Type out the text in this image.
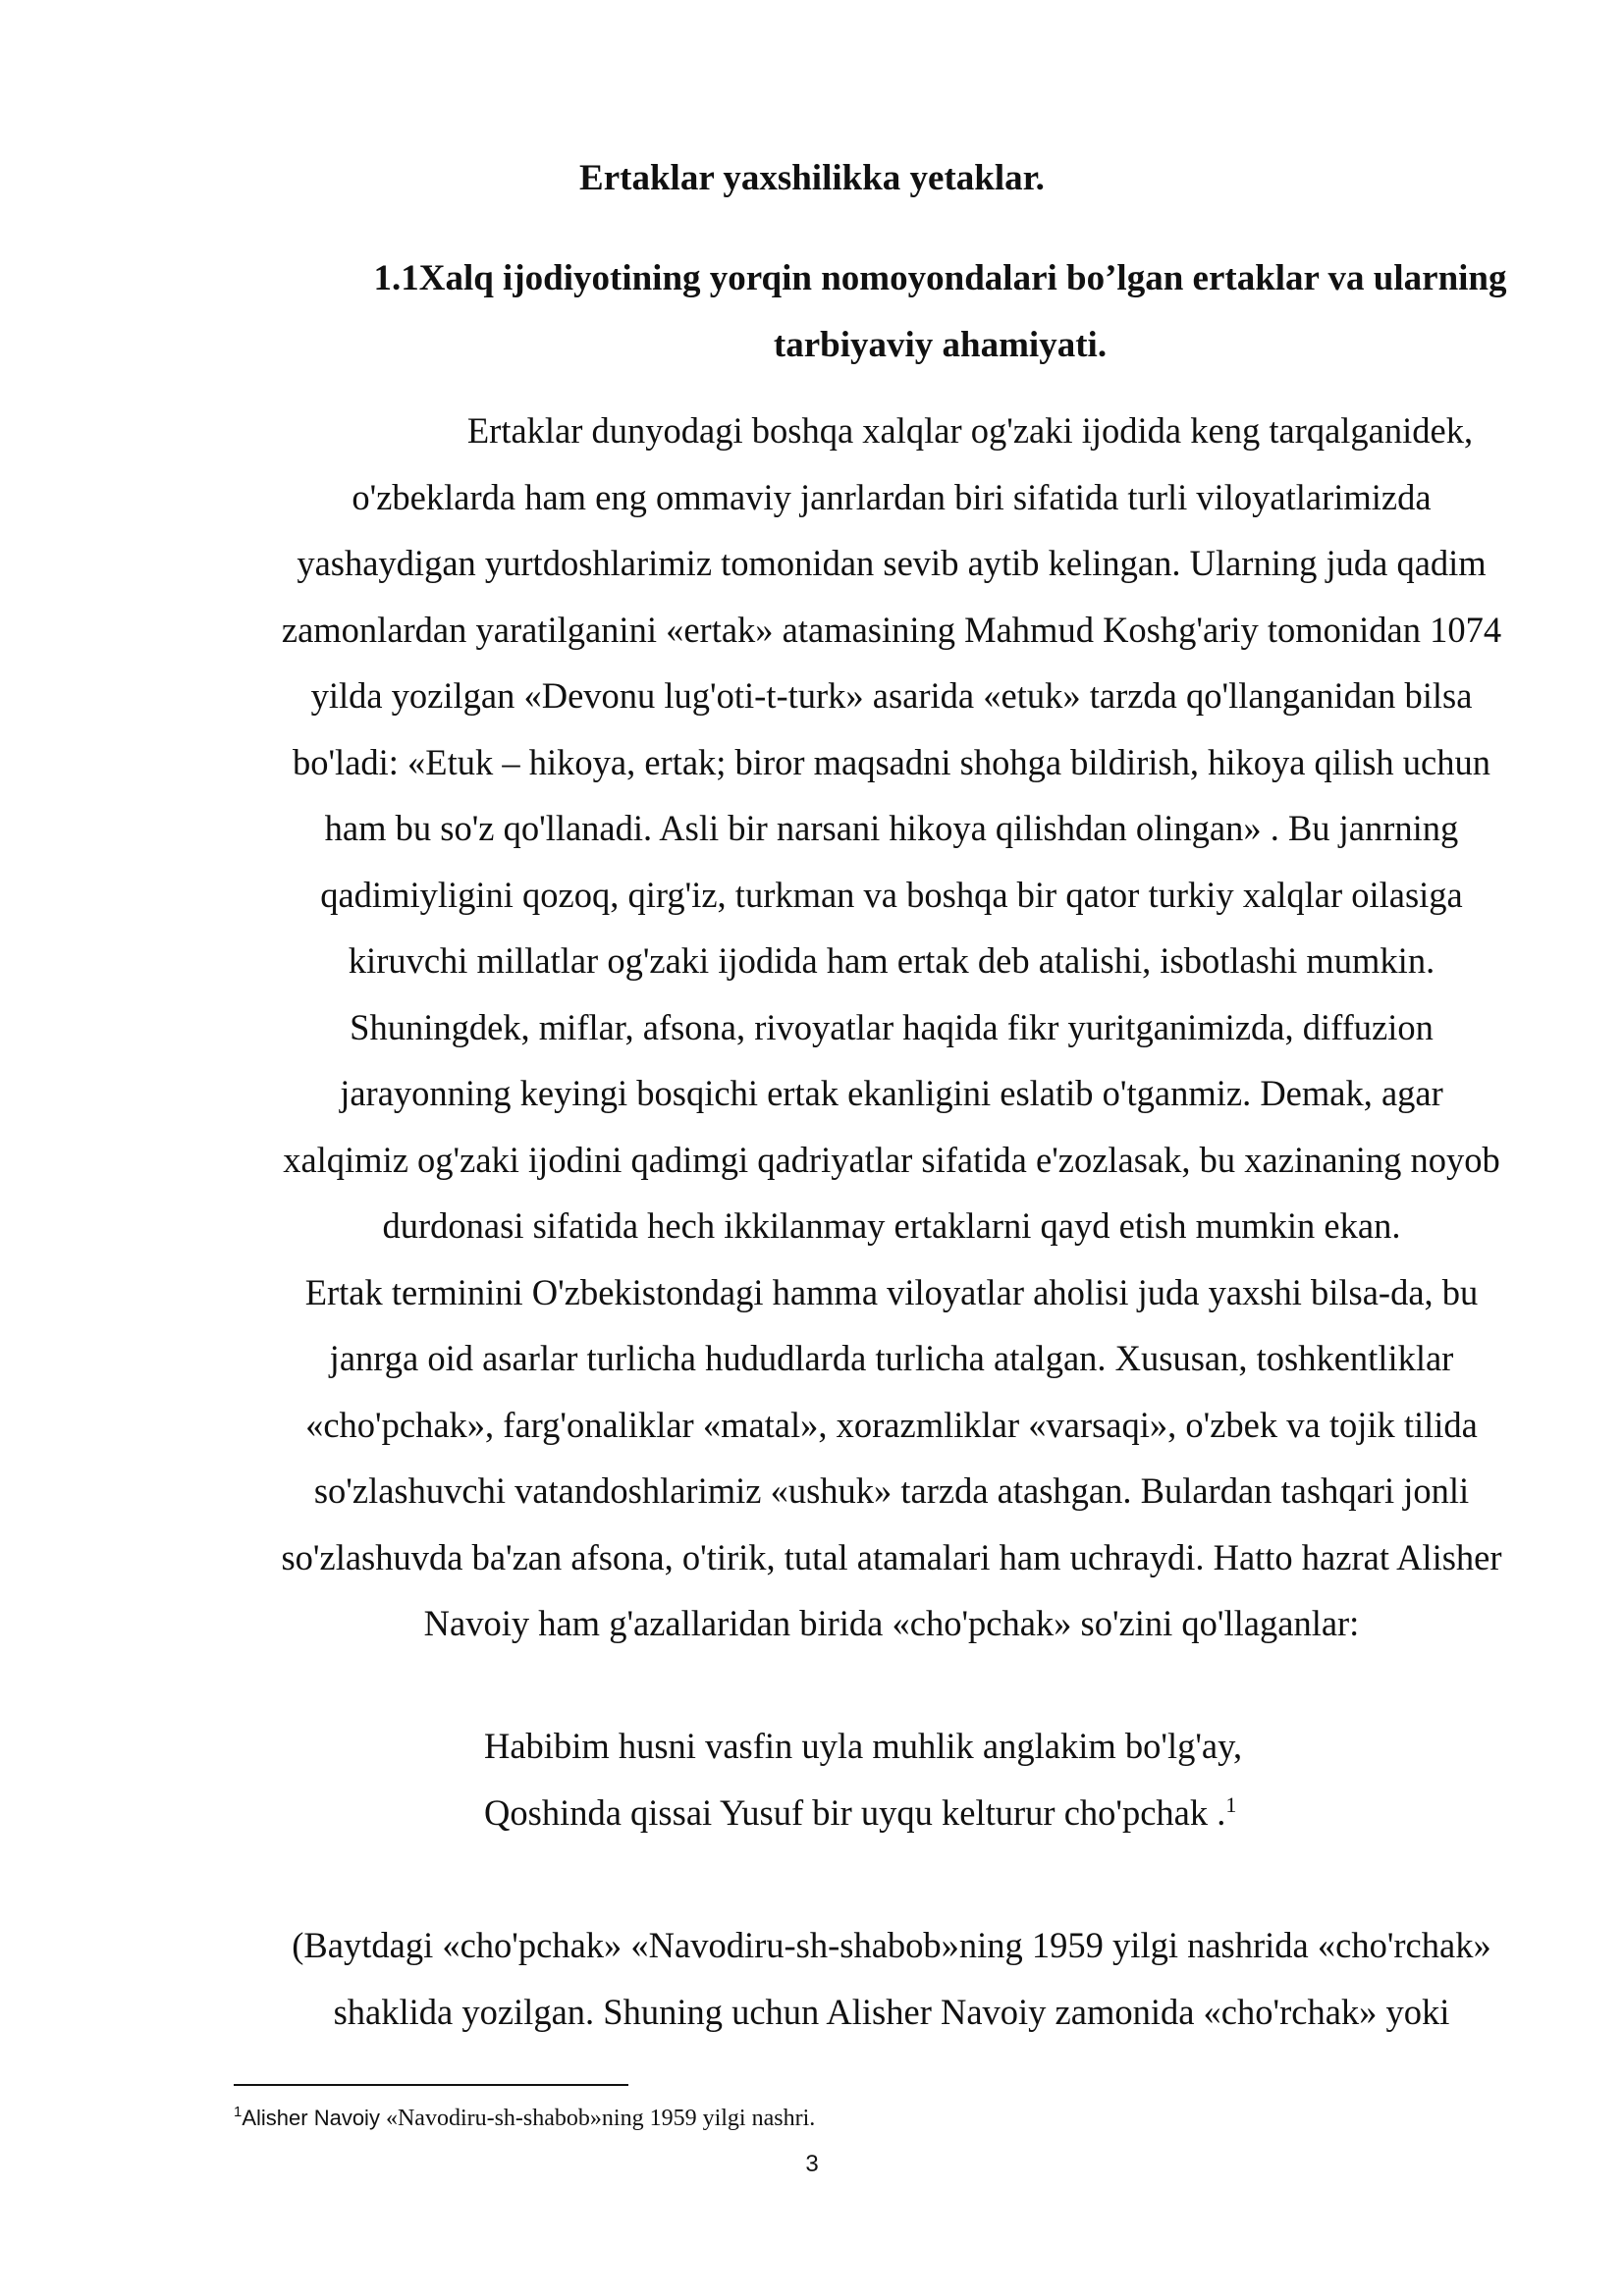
Ertaklar yaxshilikka yetaklar.
1.1Xalq ijodiyotining yorqin nomoyondalari bo’lgan ertaklar va ularning
tarbiyaviy ahamiyati.

Ertaklar dunyodagi boshqa xalqlar og'zaki ijodida keng tarqalganidek,
o'zbeklarda ham eng ommaviy janrlardan biri sifatida turli viloyatlarimizda
yashaydigan yurtdoshlarimiz tomonidan sevib aytib kelingan. Ularning juda qadim
zamonlardan yaratilganini «ertak» atamasining Mahmud Koshg'ariy tomonidan 1074
yilda yozilgan «Devonu lug'oti-t-turk» asarida «etuk» tarzda qo'llanganidan bilsa
bo'ladi: «Etuk – hikoya, ertak; biror maqsadni shohga bildirish, hikoya qilish uchun
ham bu so'z qo'llanadi. Asli bir narsani hikoya qilishdan olingan» . Bu janrning
qadimiyligini qozoq, qirg'iz, turkman va boshqa bir qator turkiy xalqlar oilasiga
kiruvchi millatlar og'zaki ijodida ham ertak deb atalishi, isbotlashi mumkin.
Shuningdek, miflar, afsona, rivoyatlar haqida fikr yuritganimizda, diffuzion
jarayonning keyingi bosqichi ertak ekanligini eslatib o'tganmiz. Demak, agar
xalqimiz og'zaki ijodini qadimgi qadriyatlar sifatida e'zozlasak, bu xazinaning noyob
durdonasi sifatida hech ikkilanmay ertaklarni qayd etish mumkin ekan.
Ertak terminini O'zbekistondagi hamma viloyatlar aholisi juda yaxshi bilsa-da, bu
janrga oid asarlar turlicha hududlarda turlicha atalgan. Xususan, toshkentliklar
«cho'pchak», farg'onaliklar «matal», xorazmliklar «varsaqi», o'zbek va tojik tilida
so'zlashuvchi vatandoshlarimiz «ushuk» tarzda atashgan. Bulardan tashqari jonli
so'zlashuvda ba'zan afsona, o'tirik, tutal atamalari ham uchraydi. Hatto hazrat Alisher
Navoiy ham g'azallaridan birida «cho'pchak» so'zini qo'llaganlar:

Habibim husni vasfin uyla muhlik anglakim bo'lg'ay,
Qoshinda qissai Yusuf bir uyqu kelturur cho'pchak .$^1$

(Baytdagi «cho'pchak» «Navodiru-sh-shabob»ning 1959 yilgi nashrida «cho'rchak»
shaklida yozilgan. Shuning uchun Alisher Navoiy zamonida «cho'rchak» yoki

$^1$Alisher Navoiy «Navodiru-sh-shabob»ning 1959 yilgi nashri.

3
